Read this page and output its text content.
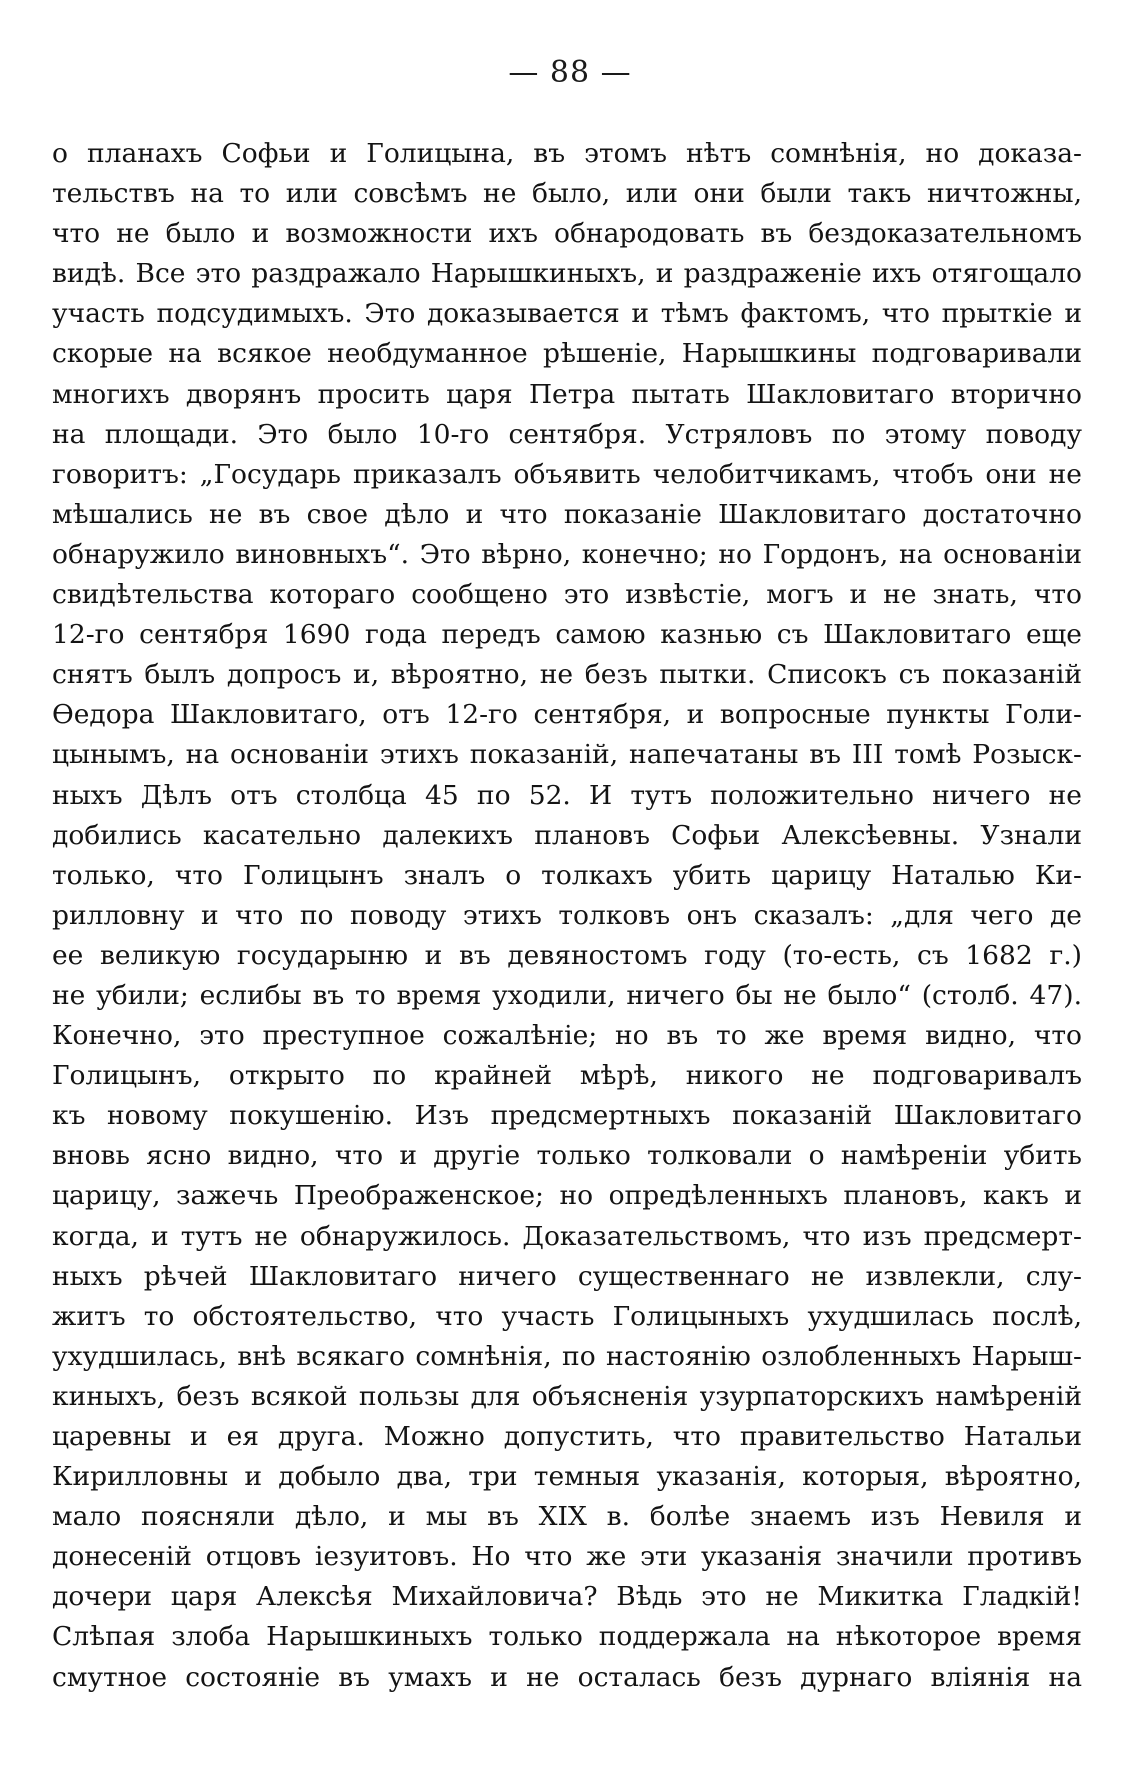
— 88 —
о планахъ Софьи и Голицына, въ этомъ нѣтъ сомнѣнія, но доказа-
тельствъ на то или совсѣмъ не было, или они были такъ ничтожны,
что не было и возможности ихъ обнародовать въ бездоказательномъ
видѣ. Все это раздражало Нарышкиныхъ, и раздраженіе ихъ отягощало
участь подсудимыхъ. Это доказывается и тѣмъ фактомъ, что прыткіе и
скорые на всякое необдуманное рѣшеніе, Нарышкины подговаривали
многихъ дворянъ просить царя Петра пытать Шакловитаго вторично
на площади. Это было 10-го сентября. Устряловъ по этому поводу
говоритъ: „Государь приказалъ объявить челобитчикамъ, чтобъ они не
мѣшались не въ свое дѣло и что показаніе Шакловитаго достаточно
обнаружило виновныхъ“. Это вѣрно, конечно; но Гордонъ, на основаніи
свидѣтельства котораго сообщено это извѣстіе, могъ и не знать, что
12-го сентября 1690 года передъ самою казнью съ Шакловитаго еще
снятъ былъ допросъ и, вѣроятно, не безъ пытки. Списокъ съ показаній
Ѳедора Шакловитаго, отъ 12-го сентября, и вопросные пункты Голи-
цынымъ, на основаніи этихъ показаній, напечатаны въ III томѣ Розыск-
ныхъ Дѣлъ отъ столбца 45 по 52. И тутъ положительно ничего не
добились касательно далекихъ плановъ Софьи Алексѣевны. Узнали
только, что Голицынъ зналъ о толкахъ убить царицу Наталью Ки-
рилловну и что по поводу этихъ толковъ онъ сказалъ: „для чего де
ее великую государыню и въ девяностомъ году (то-есть, съ 1682 г.)
не убили; еслибы въ то время уходили, ничего бы не было“ (столб. 47).
Конечно, это преступное сожалѣніе; но въ то же время видно, что
Голицынъ, открыто по крайней мѣрѣ, никого не подговаривалъ
къ новому покушенію. Изъ предсмертныхъ показаній Шакловитаго
вновь ясно видно, что и другіе только толковали о намѣреніи убить
царицу, зажечь Преображенское; но опредѣленныхъ плановъ, какъ и
когда, и тутъ не обнаружилось. Доказательствомъ, что изъ предсмерт-
ныхъ рѣчей Шакловитаго ничего существеннаго не извлекли, слу-
житъ то обстоятельство, что участь Голицыныхъ ухудшилась послѣ,
ухудшилась, внѣ всякаго сомнѣнія, по настоянію озлобленныхъ Нарыш-
киныхъ, безъ всякой пользы для объясненія узурпаторскихъ намѣреній
царевны и ея друга. Можно допустить, что правительство Натальи
Кирилловны и добыло два, три темныя указанія, которыя, вѣроятно,
мало поясняли дѣло, и мы въ XIX в. болѣе знаемъ изъ Невиля и
донесеній отцовъ іезуитовъ. Но что же эти указанія значили противъ
дочери царя Алексѣя Михайловича? Вѣдь это не Микитка Гладкій!
Слѣпая злоба Нарышкиныхъ только поддержала на нѣкоторое время
смутное состояніе въ умахъ и не осталась безъ дурнаго вліянія на
